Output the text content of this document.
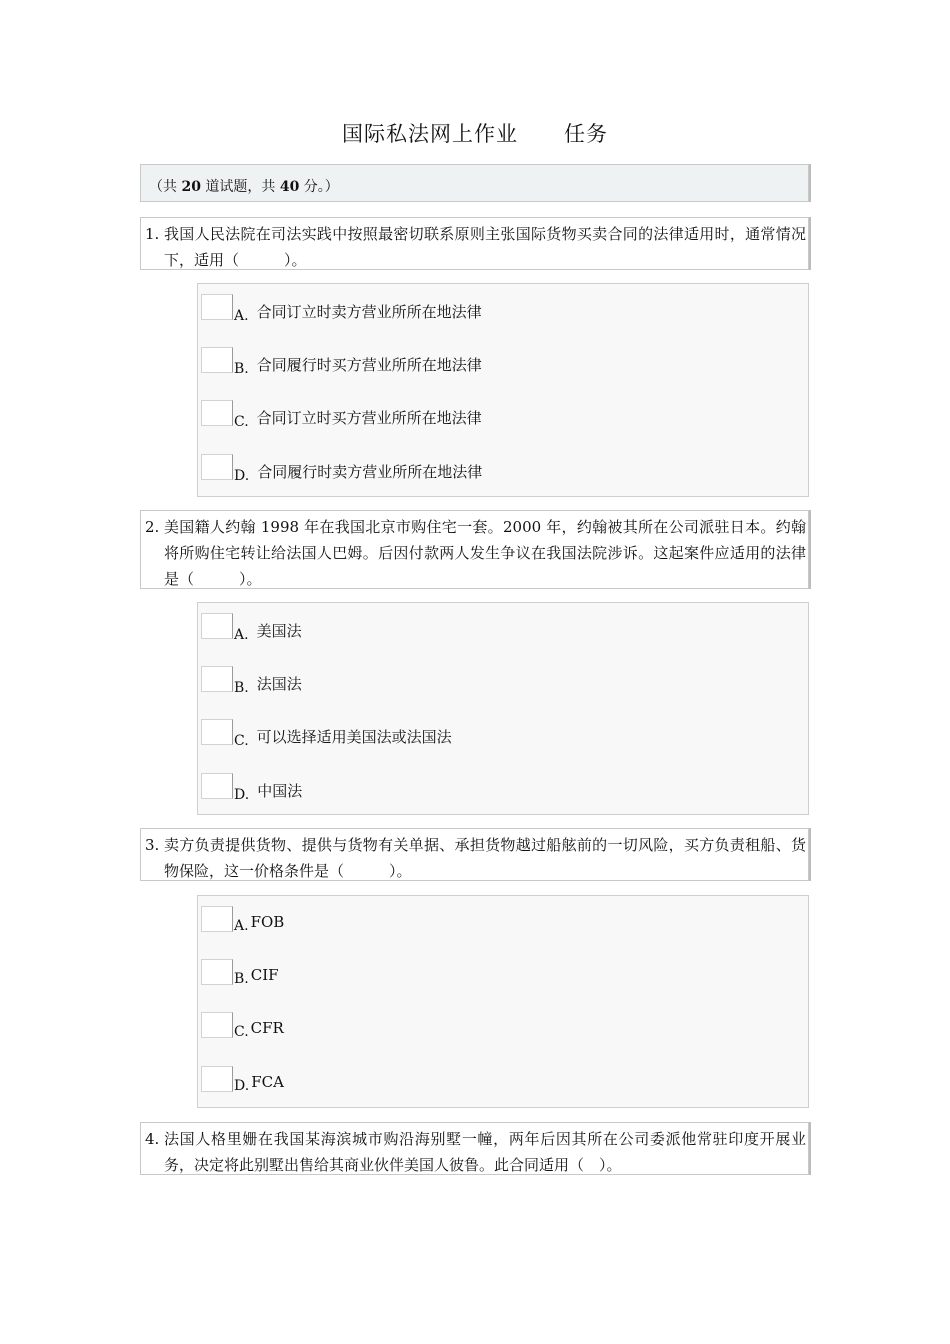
国际私法网上作业      任务
（共 20 道试题，共 40 分。）
1. 我国人民法院在司法实践中按照最密切联系原则主张国际货物买卖合同的法律适用时，通常情况下，适用（　　　）。
A. 合同订立时卖方营业所所在地法律
B. 合同履行时买方营业所所在地法律
C. 合同订立时买方营业所所在地法律
D. 合同履行时卖方营业所所在地法律
2. 美国籍人约翰 1998 年在我国北京市购住宅一套。2000 年，约翰被其所在公司派驻日本。约翰将所购住宅转让给法国人巴姆。后因付款两人发生争议在我国法院涉诉。这起案件应适用的法律是（　　　）。
A. 美国法
B. 法国法
C. 可以选择适用美国法或法国法
D. 中国法
3. 卖方负责提供货物、提供与货物有关单据、承担货物越过船舷前的一切风险，买方负责租船、货物保险，这一价格条件是（　　　）。
A. FOB
B. CIF
C. CFR
D. FCA
4. 法国人格里姗在我国某海滨城市购沿海别墅一幢，两年后因其所在公司委派他常驻印度开展业务，决定将此别墅出售给其商业伙伴美国人彼鲁。此合同适用（　）。
